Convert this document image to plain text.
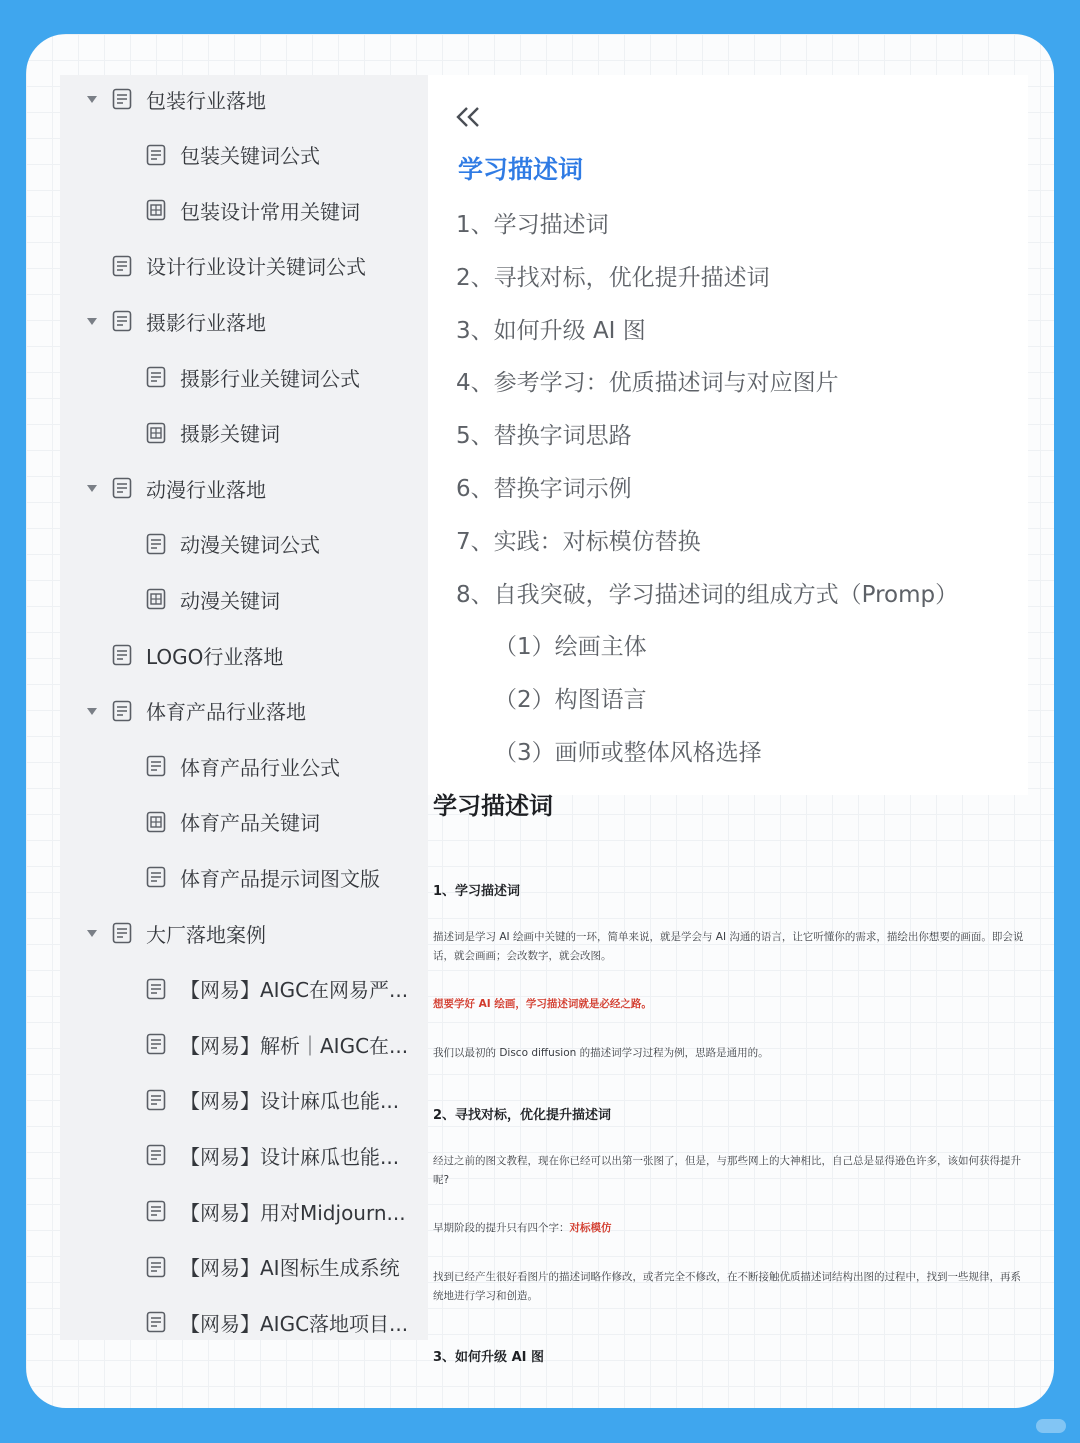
包装行业落地
包装关键词公式
包装设计常用关键词
设计行业设计关键词公式
摄影行业落地
摄影行业关键词公式
摄影关键词
动漫行业落地
动漫关键词公式
动漫关键词
LOGO行业落地
体育产品行业落地
体育产品行业公式
体育产品关键词
体育产品提示词图文版
大厂落地案例
【网易】AIGC在网易严...
【网易】解析｜AIGC在...
【网易】设计麻瓜也能...
【网易】设计麻瓜也能...
【网易】用对Midjourn...
【网易】AI图标生成系统
【网易】AIGC落地项目...
学习描述词
1、学习描述词
2、寻找对标，优化提升描述词
3、如何升级 AI 图
4、参考学习：优质描述词与对应图片
5、替换字词思路
6、替换字词示例
7、实践：对标模仿替换
8、自我突破，学习描述词的组成方式（Promp）
（1）绘画主体
（2）构图语言
（3）画师或整体风格选择
学习描述词
1、学习描述词
描述词是学习 AI 绘画中关键的一环，简单来说，就是学会与 AI 沟通的语言，让它听懂你的需求，描绘出你想要的画面。即会说话，就会画画；会改数字，就会改图。
想要学好 AI 绘画，学习描述词就是必经之路。
我们以最初的 Disco diffusion 的描述词学习过程为例，思路是通用的。
2、寻找对标，优化提升描述词
经过之前的图文教程，现在你已经可以出第一张图了，但是，与那些网上的大神相比，自己总是显得逊色许多，该如何获得提升呢?
早期阶段的提升只有四个字：对标模仿
找到已经产生很好看图片的描述词略作修改，或者完全不修改，在不断接触优质描述词结构出图的过程中，找到一些规律，再系统地进行学习和创造。
3、如何升级 AI 图
